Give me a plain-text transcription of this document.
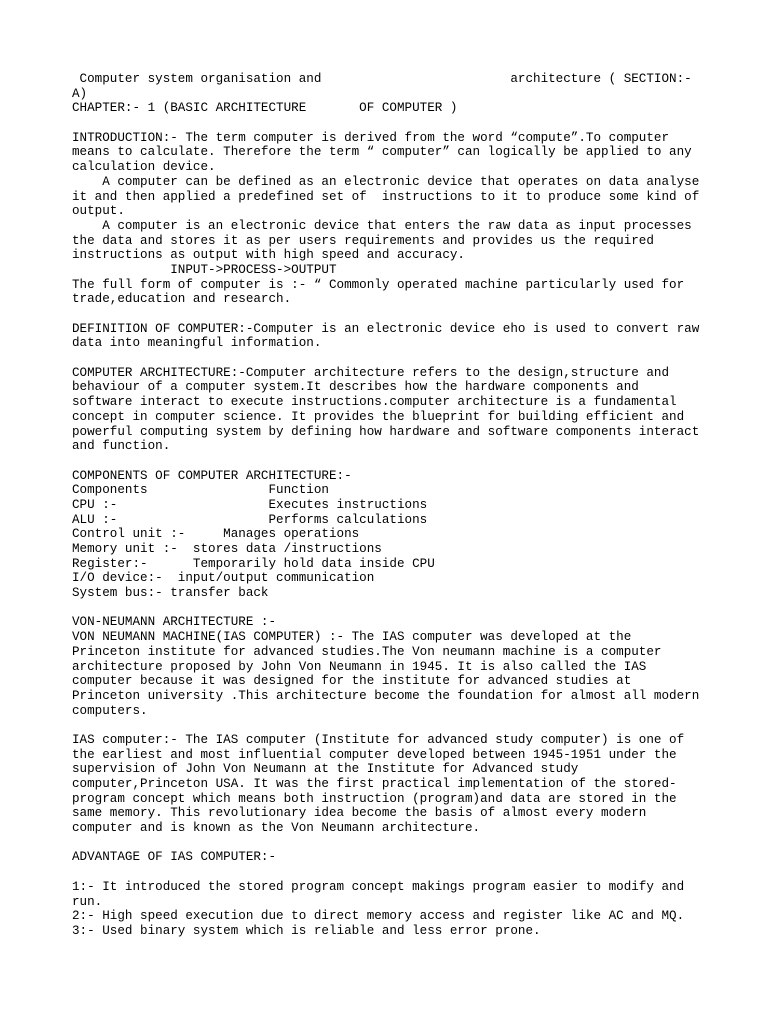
Computer system organisation and                         architecture ( SECTION:-
A)
CHAPTER:- 1 (BASIC ARCHITECTURE       OF COMPUTER )
INTRODUCTION:- The term computer is derived from the word “compute”.To computer
means to calculate. Therefore the term “ computer” can logically be applied to any
calculation device.
A computer can be defined as an electronic device that operates on data analyse
it and then applied a predefined set of  instructions to it to produce some kind of
output.
A computer is an electronic device that enters the raw data as input processes
the data and stores it as per users requirements and provides us the required
instructions as output with high speed and accuracy.
INPUT->PROCESS->OUTPUT
The full form of computer is :- “ Commonly operated machine particularly used for
trade,education and research.
DEFINITION OF COMPUTER:-Computer is an electronic device eho is used to convert raw
data into meaningful information.
COMPUTER ARCHITECTURE:-Computer architecture refers to the design,structure and
behaviour of a computer system.It describes how the hardware components and
software interact to execute instructions.computer architecture is a fundamental
concept in computer science. It provides the blueprint for building efficient and
powerful computing system by defining how hardware and software components interact
and function.
COMPONENTS OF COMPUTER ARCHITECTURE:-
Components                Function
CPU :-                    Executes instructions
ALU :-                    Performs calculations
Control unit :-     Manages operations
Memory unit :-  stores data /instructions
Register:-      Temporarily hold data inside CPU
I/O device:-  input/output communication
System bus:- transfer back
VON-NEUMANN ARCHITECTURE :-
VON NEUMANN MACHINE(IAS COMPUTER) :- The IAS computer was developed at the
Princeton institute for advanced studies.The Von neumann machine is a computer
architecture proposed by John Von Neumann in 1945. It is also called the IAS
computer because it was designed for the institute for advanced studies at
Princeton university .This architecture become the foundation for almost all modern
computers.
IAS computer:- The IAS computer (Institute for advanced study computer) is one of
the earliest and most influential computer developed between 1945-1951 under the
supervision of John Von Neumann at the Institute for Advanced study
computer,Princeton USA. It was the first practical implementation of the stored-
program concept which means both instruction (program)and data are stored in the
same memory. This revolutionary idea become the basis of almost every modern
computer and is known as the Von Neumann architecture.
ADVANTAGE OF IAS COMPUTER:-
1:- It introduced the stored program concept makings program easier to modify and
run.
2:- High speed execution due to direct memory access and register like AC and MQ.
3:- Used binary system which is reliable and less error prone.
